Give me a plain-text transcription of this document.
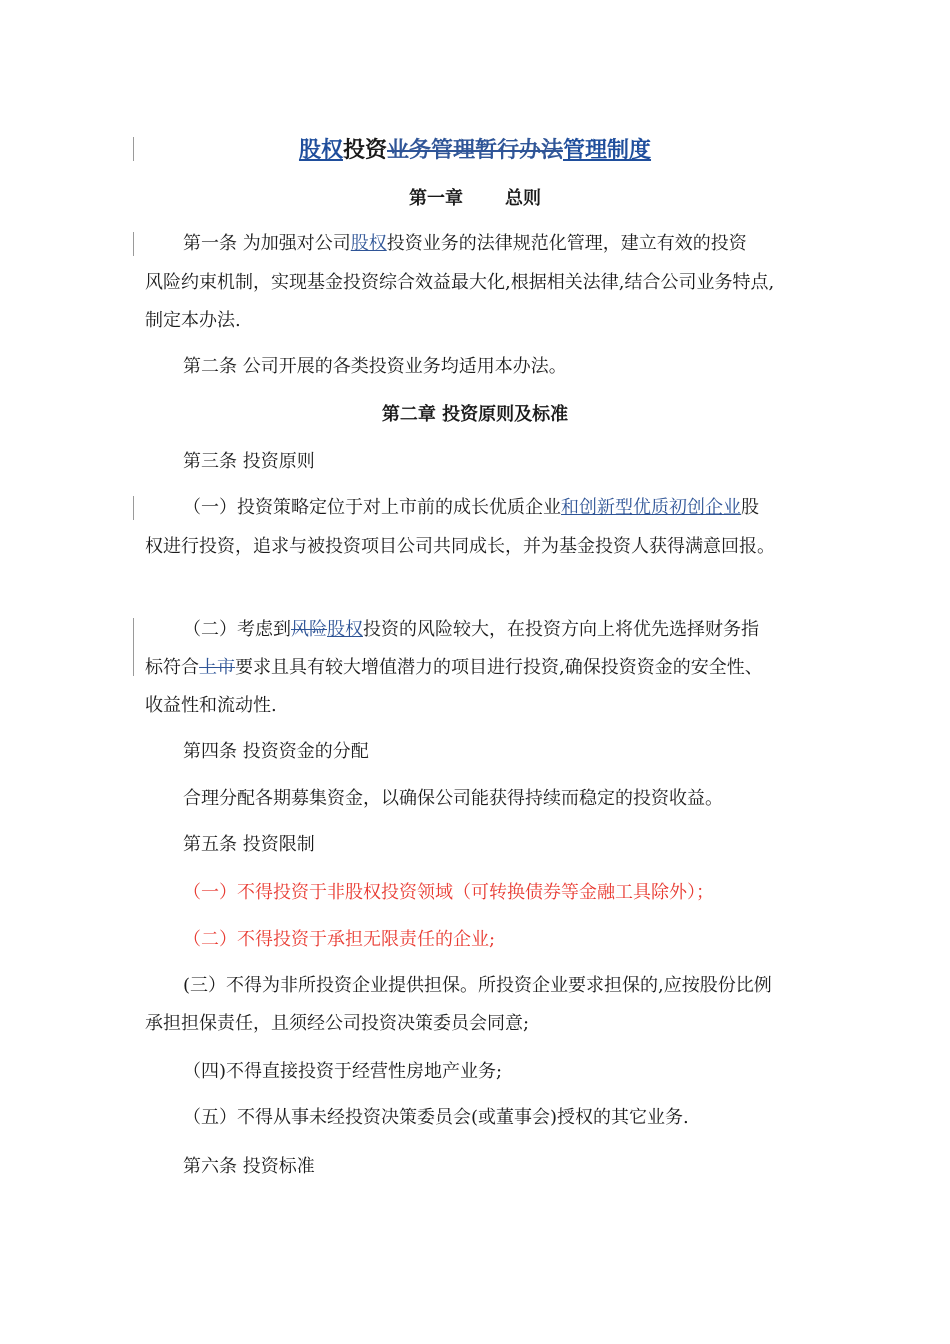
股权投资业务管理暂行办法管理制度
第一章 总则
第一条 为加强对公司股权投资业务的法律规范化管理，建立有效的投资
风险约束机制，实现基金投资综合效益最大化,根据相关法律,结合公司业务特点,
制定本办法.
第二条 公司开展的各类投资业务均适用本办法。
第二章 投资原则及标准
第三条 投资原则
（一）投资策略定位于对上市前的成长优质企业和创新型优质初创企业股
权进行投资，追求与被投资项目公司共同成长，并为基金投资人获得满意回报。
（二）考虑到风险股权投资的风险较大，在投资方向上将优先选择财务指
标符合上市要求且具有较大增值潜力的项目进行投资,确保投资资金的安全性、
收益性和流动性.
第四条 投资资金的分配
合理分配各期募集资金，以确保公司能获得持续而稳定的投资收益。
第五条 投资限制
（一）不得投资于非股权投资领域（可转换债券等金融工具除外）；
（二）不得投资于承担无限责任的企业;
(三）不得为非所投资企业提供担保。所投资企业要求担保的,应按股份比例
承担担保责任，且须经公司投资决策委员会同意;
（四)不得直接投资于经营性房地产业务;
（五）不得从事未经投资决策委员会(或董事会)授权的其它业务.
第六条 投资标准
